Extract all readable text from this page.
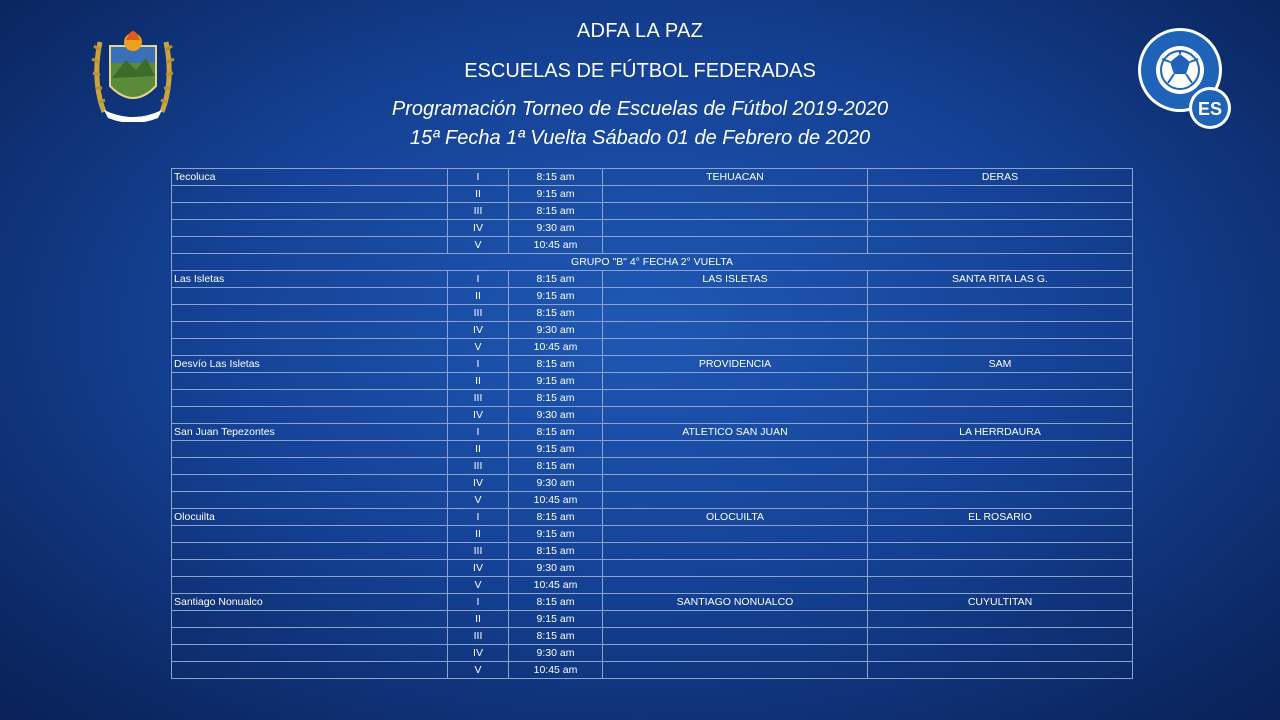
ES
ADFA LA PAZ
ESCUELAS DE FÚTBOL FEDERADAS
Programación Torneo de Escuelas de Fútbol 2019-2020
15ª Fecha 1ª Vuelta Sábado 01 de Febrero de 2020
Tecoluca	I	8:15 am	TEHUACAN	DERAS
	II	9:15 am		
	III	8:15 am		
	IV	9:30 am		
	V	10:45 am		
GRUPO "B" 4° FECHA 2° VUELTA				
Las Isletas	I	8:15 am	LAS ISLETAS	SANTA RITA LAS G.
	II	9:15 am		
	III	8:15 am		
	IV	9:30 am		
	V	10:45 am		
Desvío Las Isletas	I	8:15 am	PROVIDENCIA	SAM
	II	9:15 am		
	III	8:15 am		
	IV	9:30 am		
San Juan Tepezontes	I	8:15 am	ATLETICO SAN JUAN	LA HERRDAURA
	II	9:15 am		
	III	8:15 am		
	IV	9:30 am		
	V	10:45 am		
Olocuilta	I	8:15 am	OLOCUILTA	EL ROSARIO
	II	9:15 am		
	III	8:15 am		
	IV	9:30 am		
	V	10:45 am		
Santiago Nonualco	I	8:15 am	SANTIAGO NONUALCO	CUYULTITAN
	II	9:15 am		
	III	8:15 am		
	IV	9:30 am		
	V	10:45 am		
